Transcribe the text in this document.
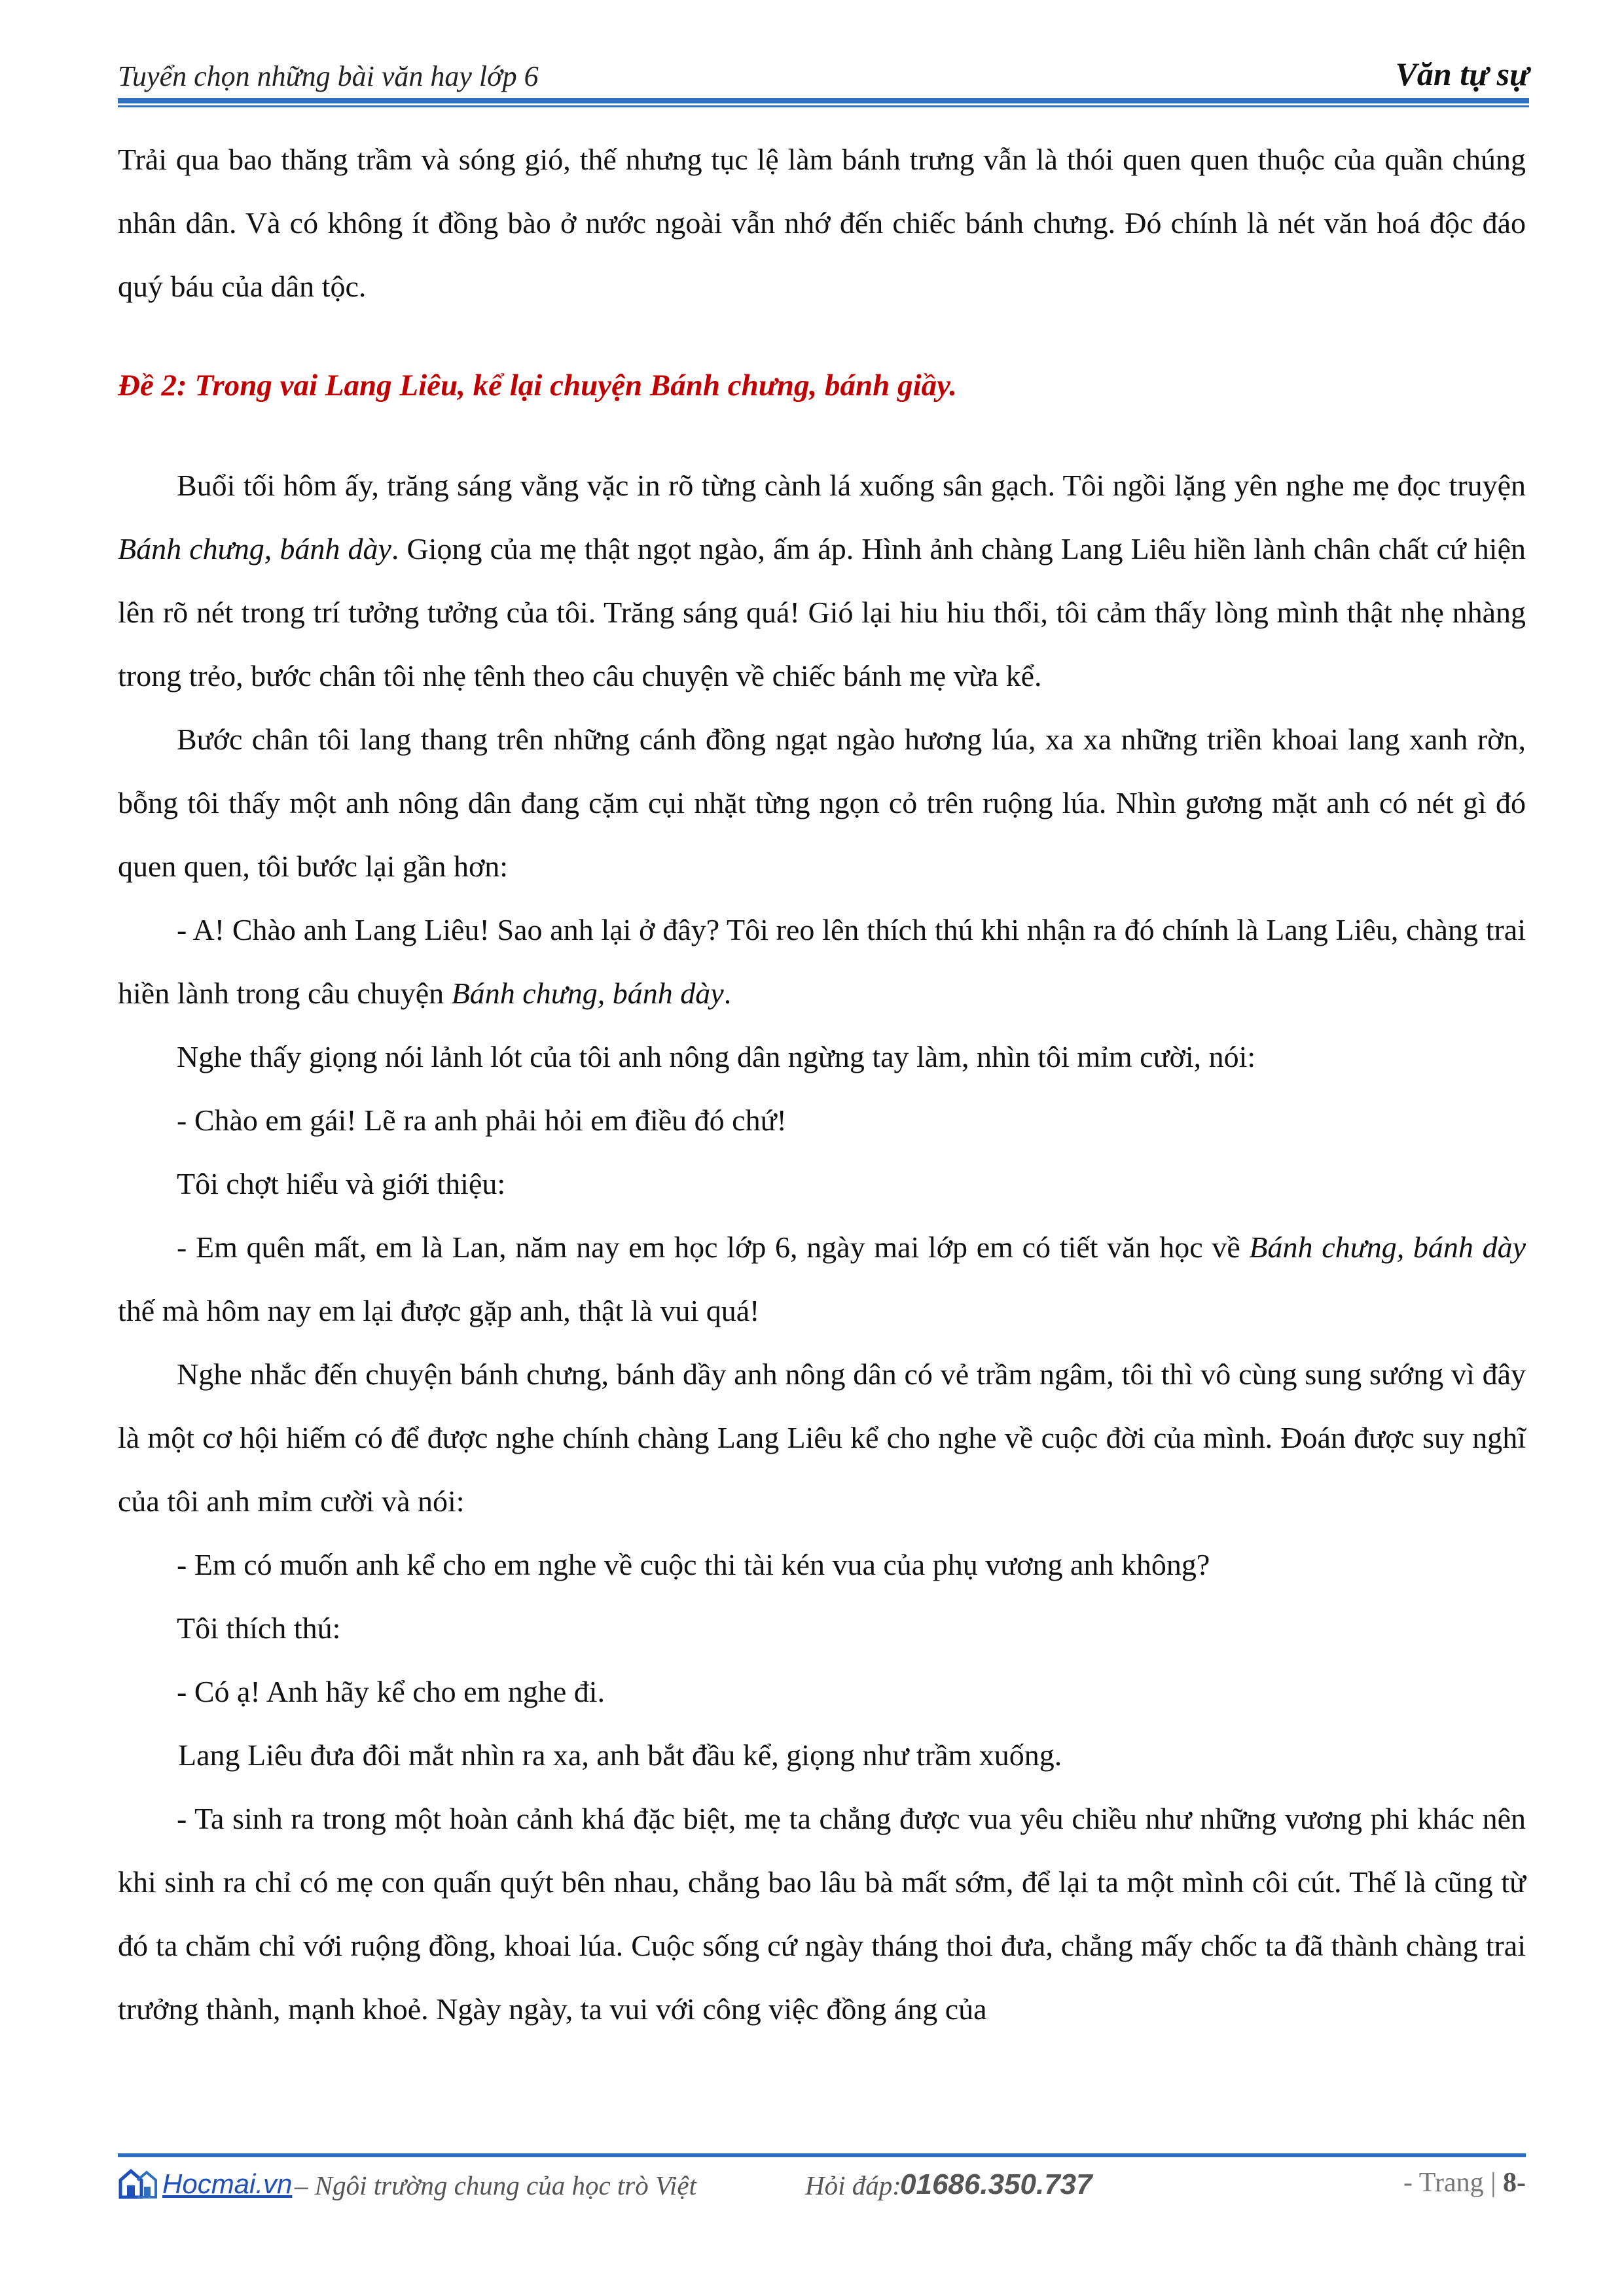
Tuyển chọn những bài văn hay lớp 6	Văn tự sự

Trải qua bao thăng trầm và sóng gió, thế nhưng tục lệ làm bánh trưng vẫn là thói quen quen thuộc của quần chúng nhân dân. Và có không ít đồng bào ở nước ngoài vẫn nhớ đến chiếc bánh chưng. Đó chính là nét văn hoá độc đáo quý báu của dân tộc.

Đề 2: Trong vai Lang Liêu, kể lại chuyện Bánh chưng, bánh giầy.

Buổi tối hôm ấy, trăng sáng vằng vặc in rõ từng cành lá xuống sân gạch. Tôi ngồi lặng yên nghe mẹ đọc truyện Bánh chưng, bánh dày. Giọng của mẹ thật ngọt ngào, ấm áp. Hình ảnh chàng Lang Liêu hiền lành chân chất cứ hiện lên rõ nét trong trí tưởng tưởng của tôi. Trăng sáng quá! Gió lại hiu hiu thổi, tôi cảm thấy lòng mình thật nhẹ nhàng trong trẻo, bước chân tôi nhẹ tênh theo câu chuyện về chiếc bánh mẹ vừa kể.

Bước chân tôi lang thang trên những cánh đồng ngạt ngào hương lúa, xa xa những triền khoai lang xanh rờn, bỗng tôi thấy một anh nông dân đang cặm cụi nhặt từng ngọn cỏ trên ruộng lúa. Nhìn gương mặt anh có nét gì đó quen quen, tôi bước lại gần hơn:

- A! Chào anh Lang Liêu! Sao anh lại ở đây? Tôi reo lên thích thú khi nhận ra đó chính là Lang Liêu, chàng trai hiền lành trong câu chuyện Bánh chưng, bánh dày.

Nghe thấy giọng nói lảnh lót của tôi anh nông dân ngừng tay làm, nhìn tôi mỉm cười, nói:

- Chào em gái! Lẽ ra anh phải hỏi em điều đó chứ!

Tôi chợt hiểu và giới thiệu:

- Em quên mất, em là Lan, năm nay em học lớp 6, ngày mai lớp em có tiết văn học về Bánh chưng, bánh dày thế mà hôm nay em lại được gặp anh, thật là vui quá!

Nghe nhắc đến chuyện bánh chưng, bánh dầy anh nông dân có vẻ trầm ngâm, tôi thì vô cùng sung sướng vì đây là một cơ hội hiếm có để được nghe chính chàng Lang Liêu kể cho nghe về cuộc đời của mình. Đoán được suy nghĩ của tôi anh mỉm cười và nói:

- Em có muốn anh kể cho em nghe về cuộc thi tài kén vua của phụ vương anh không?

Tôi thích thú:

- Có ạ! Anh hãy kể cho em nghe đi.

Lang Liêu đưa đôi mắt nhìn ra xa, anh bắt đầu kể, giọng như trầm xuống.

- Ta sinh ra trong một hoàn cảnh khá đặc biệt, mẹ ta chẳng được vua yêu chiều như những vương phi khác nên khi sinh ra chỉ có mẹ con quấn quýt bên nhau, chẳng bao lâu bà mất sớm, để lại ta một mình côi cút. Thế là cũng từ đó ta chăm chỉ với ruộng đồng, khoai lúa. Cuộc sống cứ ngày tháng thoi đưa, chẳng mấy chốc ta đã thành chàng trai trưởng thành, mạnh khoẻ. Ngày ngày, ta vui với công việc đồng áng của

Hocmai.vn – Ngôi trường chung của học trò Việt	Hỏi đáp:
01686.350.737	- Trang | 8-
